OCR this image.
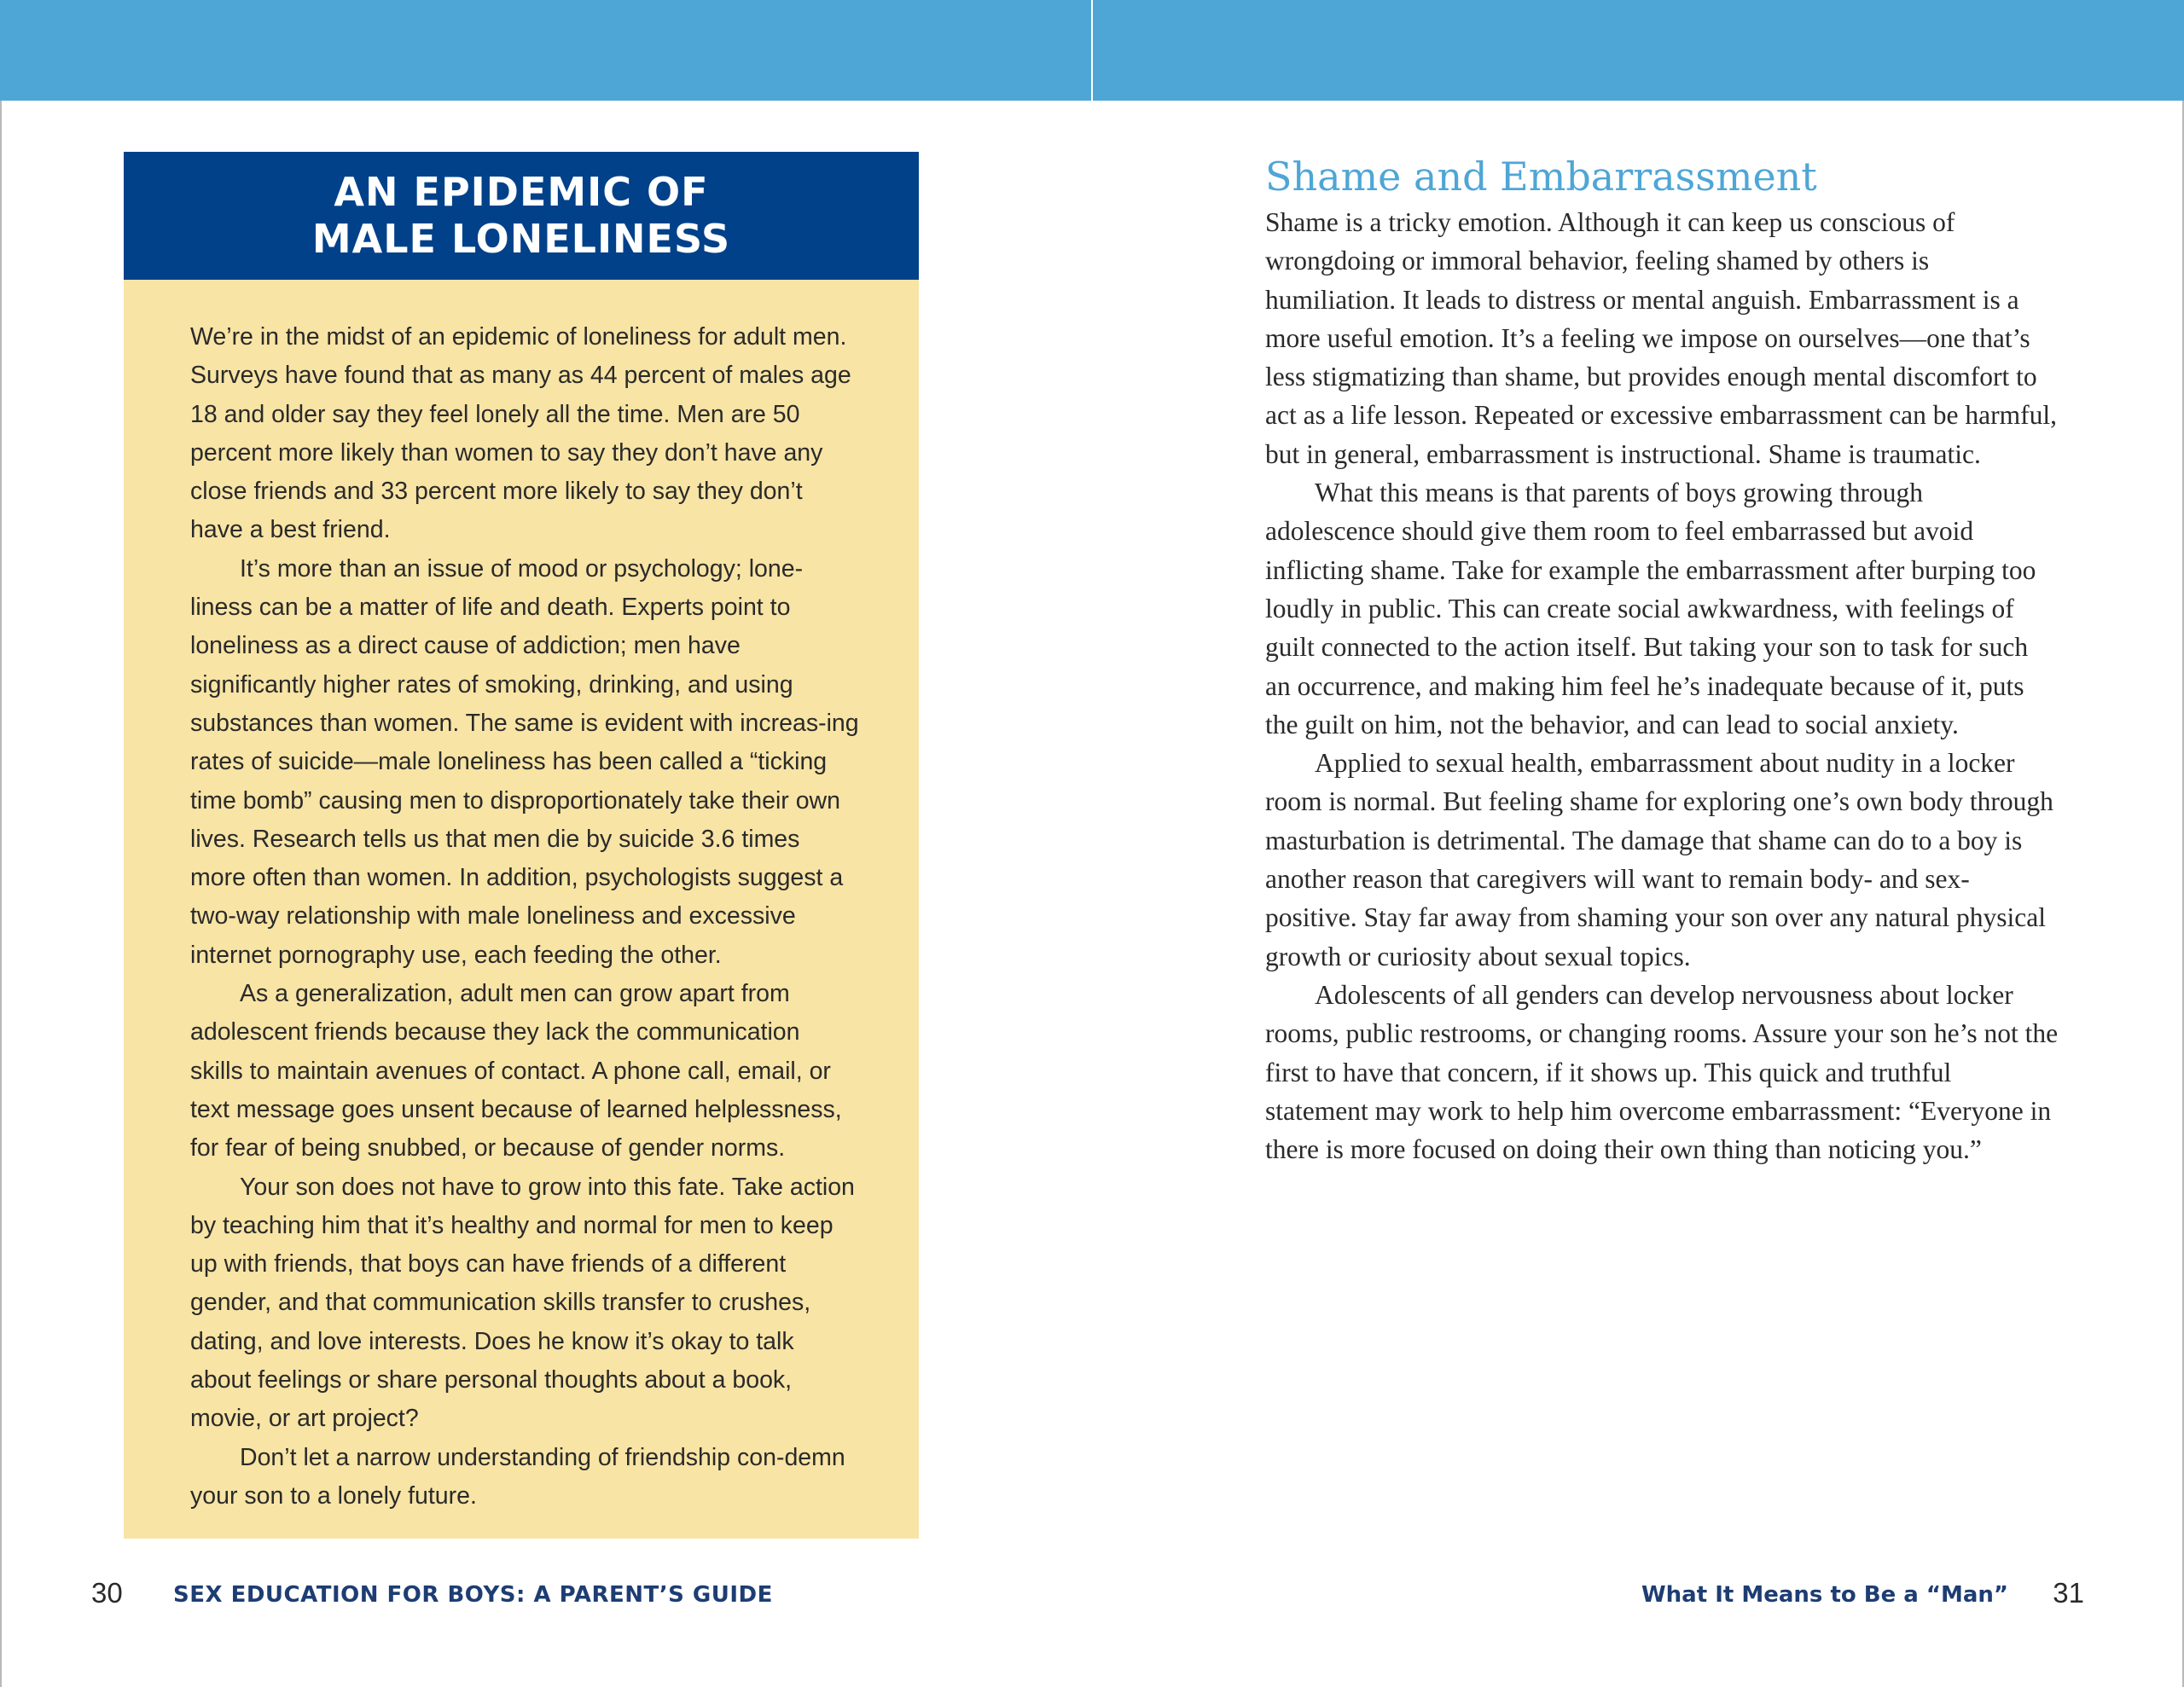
AN EPIDEMIC OF MALE LONELINESS

We’re in the midst of an epidemic of loneliness for adult men. Surveys have found that as many as 44 percent of males age 18 and older say they feel lonely all the time. Men are 50 percent more likely than women to say they don’t have any close friends and 33 percent more likely to say they don’t have a best friend.

It’s more than an issue of mood or psychology; lone-liness can be a matter of life and death. Experts point to loneliness as a direct cause of addiction; men have significantly higher rates of smoking, drinking, and using substances than women. The same is evident with increas-ing rates of suicide—male loneliness has been called a “ticking time bomb” causing men to disproportionately take their own lives. Research tells us that men die by suicide 3.6 times more often than women. In addition, psychologists suggest a two-way relationship with male loneliness and excessive internet pornography use, each feeding the other.

As a generalization, adult men can grow apart from adolescent friends because they lack the communication skills to maintain avenues of contact. A phone call, email, or text message goes unsent because of learned helplessness, for fear of being snubbed, or because of gender norms.

Your son does not have to grow into this fate. Take action by teaching him that it’s healthy and normal for men to keep up with friends, that boys can have friends of a different gender, and that communication skills transfer to crushes, dating, and love interests. Does he know it’s okay to talk about feelings or share personal thoughts about a book, movie, or art project?

Don’t let a narrow understanding of friendship con-demn your son to a lonely future.

Shame and Embarrassment

Shame is a tricky emotion. Although it can keep us conscious of wrongdoing or immoral behavior, feeling shamed by others is humiliation. It leads to distress or mental anguish. Embarrassment is a more useful emotion. It’s a feeling we impose on ourselves—one that’s less stigmatizing than shame, but provides enough mental discomfort to act as a life lesson. Repeated or excessive embarrassment can be harmful, but in general, embarrassment is instructional. Shame is traumatic.

What this means is that parents of boys growing through adolescence should give them room to feel embarrassed but avoid inflicting shame. Take for example the embarrassment after burping too loudly in public. This can create social awkwardness, with feelings of guilt connected to the action itself. But taking your son to task for such an occurrence, and making him feel he’s inadequate because of it, puts the guilt on him, not the behavior, and can lead to social anxiety.

Applied to sexual health, embarrassment about nudity in a locker room is normal. But feeling shame for exploring one’s own body through masturbation is detrimental. The damage that shame can do to a boy is another reason that caregivers will want to remain body- and sex-positive. Stay far away from shaming your son over any natural physical growth or curiosity about sexual topics.

Adolescents of all genders can develop nervousness about locker rooms, public restrooms, or changing rooms. Assure your son he’s not the first to have that concern, if it shows up. This quick and truthful statement may work to help him overcome embarrassment: “Everyone in there is more focused on doing their own thing than noticing you.”

30 SEX EDUCATION FOR BOYS: A PARENT’S GUIDE	What It Means to Be a “Man” 31
